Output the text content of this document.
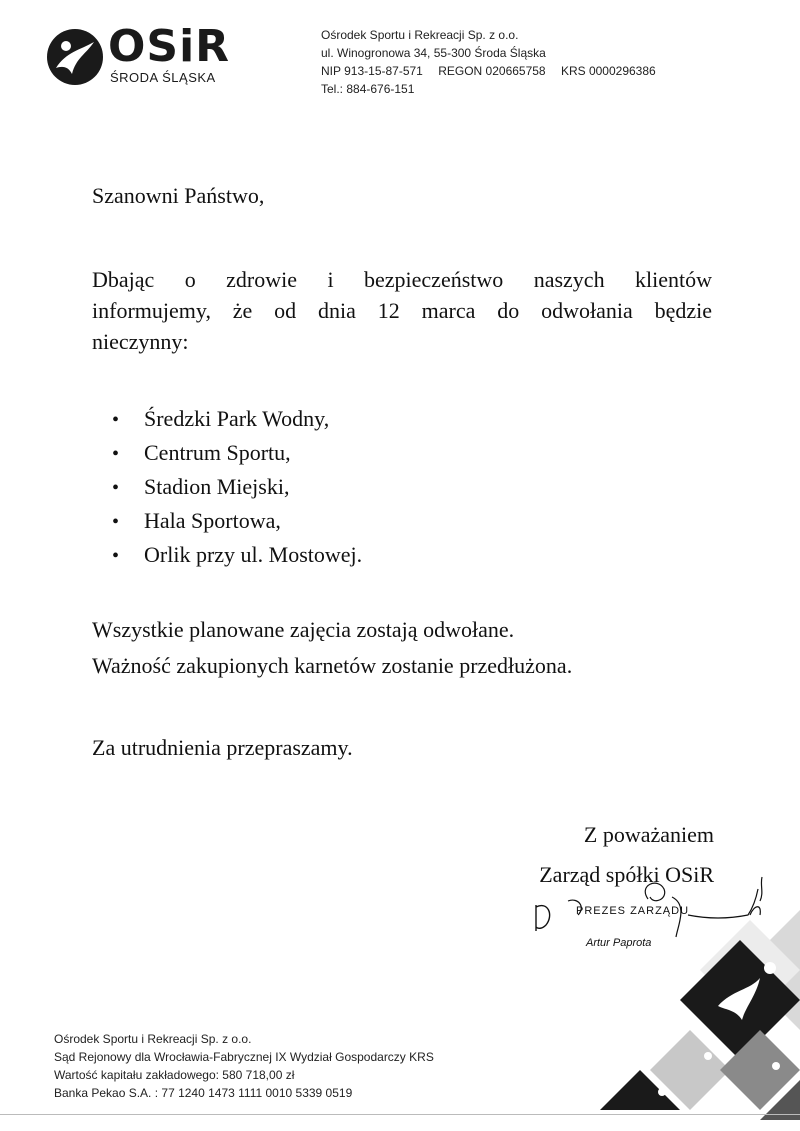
OSiR
ŚRODA ŚLĄSKA
Ośrodek Sportu i Rekreacji Sp. z o.o.
ul. Winogronowa 34, 55-300 Środa Śląska
NIP 913-15-87-571 REGON 020665758 KRS 0000296386
Tel.: 884-676-151
Szanowni Państwo,
Dbając o zdrowie i bezpieczeństwo naszych klientów
informujemy, że od dnia 12 marca do odwołania będzie
nieczynny:
• Średzki Park Wodny,
• Centrum Sportu,
• Stadion Miejski,
• Hala Sportowa,
• Orlik przy ul. Mostowej.
Wszystkie planowane zajęcia zostają odwołane.
Ważność zakupionych karnetów zostanie przedłużona.
Za utrudnienia przepraszamy.
Z poważaniem
Zarząd spółki OSiR
PREZES ZARZĄDU
Artur Paprota
Ośrodek Sportu i Rekreacji Sp. z o.o.
Sąd Rejonowy dla Wrocławia-Fabrycznej IX Wydział Gospodarczy KRS
Wartość kapitału zakładowego: 580 718,00 zł
Banka Pekao S.A. : 77 1240 1473 1111 0010 5339 0519
